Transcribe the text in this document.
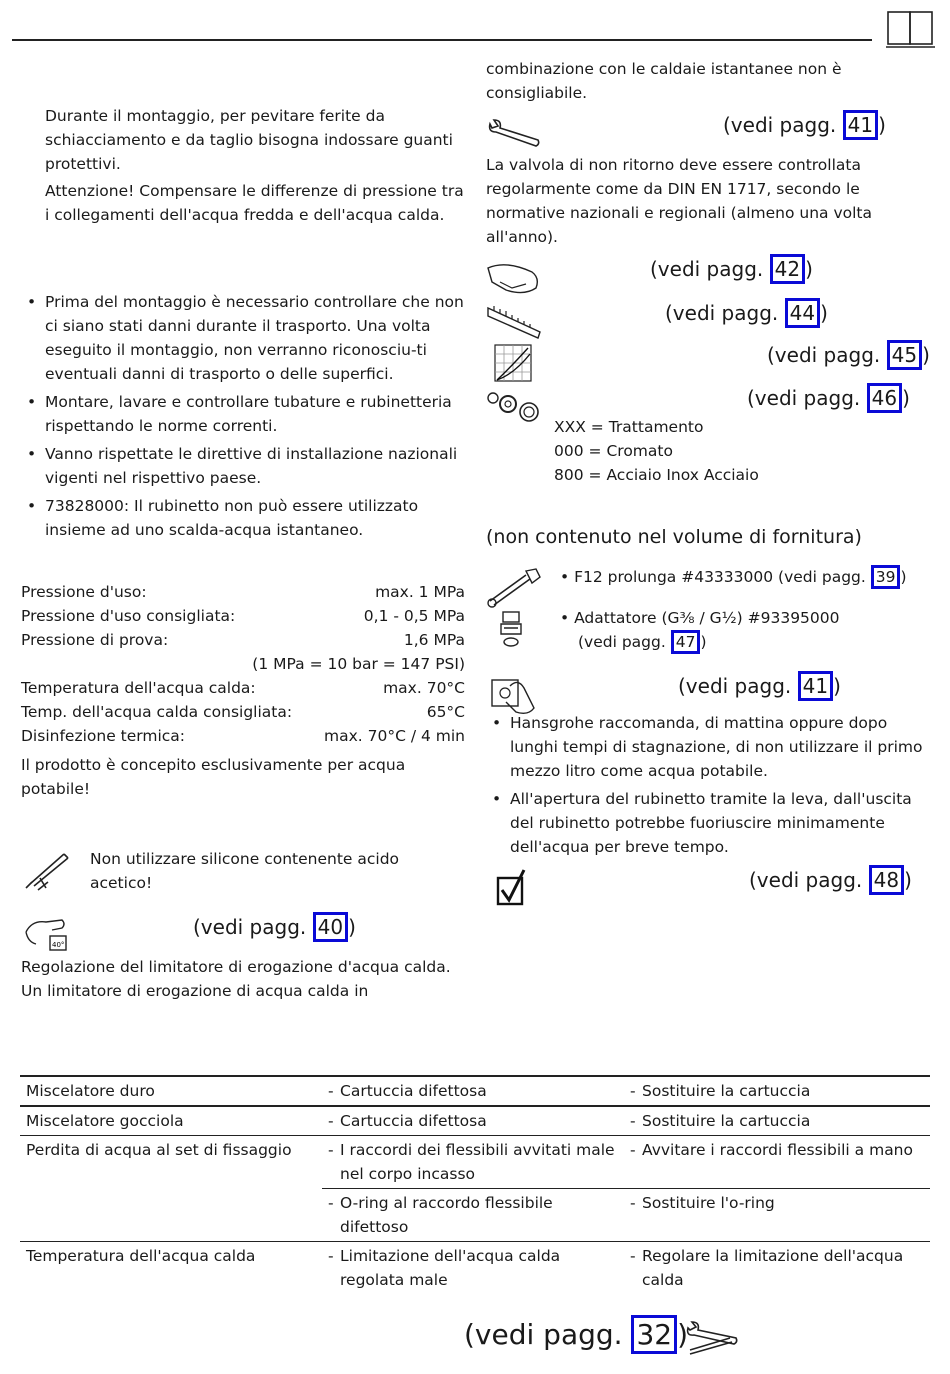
Durante il montaggio, per pevitare ferite da schiacciamento e da taglio bisogna indossare guanti protettivi.
Attenzione! Compensare le differenze di pressione tra i collegamenti dell'acqua fredda e dell'acqua calda.
• Prima del montaggio è necessario controllare che non ci siano stati danni durante il trasporto. Una volta eseguito il montaggio, non verranno riconosciu-ti eventuali danni di trasporto o delle superfici.
• Montare, lavare e controllare tubature e rubinetteria rispettando le norme correnti.
• Vanno rispettate le direttive di installazione nazionali vigenti nel rispettivo paese.
• 73828000: Il rubinetto non può essere utilizzato insieme ad uno scalda-acqua istantaneo.
Pressione d'uso:	max. 1 MPa
Pressione d'uso consigliata:	0,1 - 0,5 MPa
Pressione di prova:	1,6 MPa
(1 MPa = 10 bar = 147 PSI)
Temperatura dell'acqua calda:	max. 70°C
Temp. dell'acqua calda consigliata:	65°C
Disinfezione termica:	max. 70°C / 4 min
Il prodotto è concepito esclusivamente per acqua potabile!
Non utilizzare silicone contenente acido acetico!
40°
(vedi pagg. 40 )
Regolazione del limitatore di erogazione d'acqua calda. Un limitatore di erogazione di acqua calda in
combinazione con le caldaie istantanee non è consigliabile.
(vedi pagg. 41 )
La valvola di non ritorno deve essere controllata regolarmente come da DIN EN 1717, secondo le normative nazionali e regionali (almeno una volta all'anno).
(vedi pagg. 42 )
(vedi pagg. 44 )
(vedi pagg. 45 )
(vedi pagg. 46 )
XXX = Trattamento
000 = Cromato
800 = Acciaio Inox Acciaio
(non contenuto nel volume di fornitura)
• F12 prolunga #43333000 (vedi pagg. 39 )
• Adattatore (G⅜ / G½) #93395000
(vedi pagg. 47 )
(vedi pagg. 41 )
• Hansgrohe raccomanda, di mattina oppure dopo lunghi tempi di stagnazione, di non utilizzare il primo mezzo litro come acqua potabile.
• All'apertura del rubinetto tramite la leva, dall'uscita del rubinetto potrebbe fuoriuscire minimamente dell'acqua per breve tempo.
(vedi pagg. 48 )
Miscelatore duro	- Cartuccia difettosa	- Sostituire la cartuccia

Miscelatore gocciola	- Cartuccia difettosa	- Sostituire la cartuccia

Perdita di acqua al set di fissaggio	- I raccordi dei flessibili avvitati male nel corpo incasso	- Avvitare i raccordi flessibili a mano

	- O-ring al raccordo flessibile difettoso	- Sostituire l'o-ring

Temperatura dell'acqua calda	- Limitazione dell'acqua calda regolata male	- Regolare la limitazione dell'acqua calda
(vedi pagg. 32 )
